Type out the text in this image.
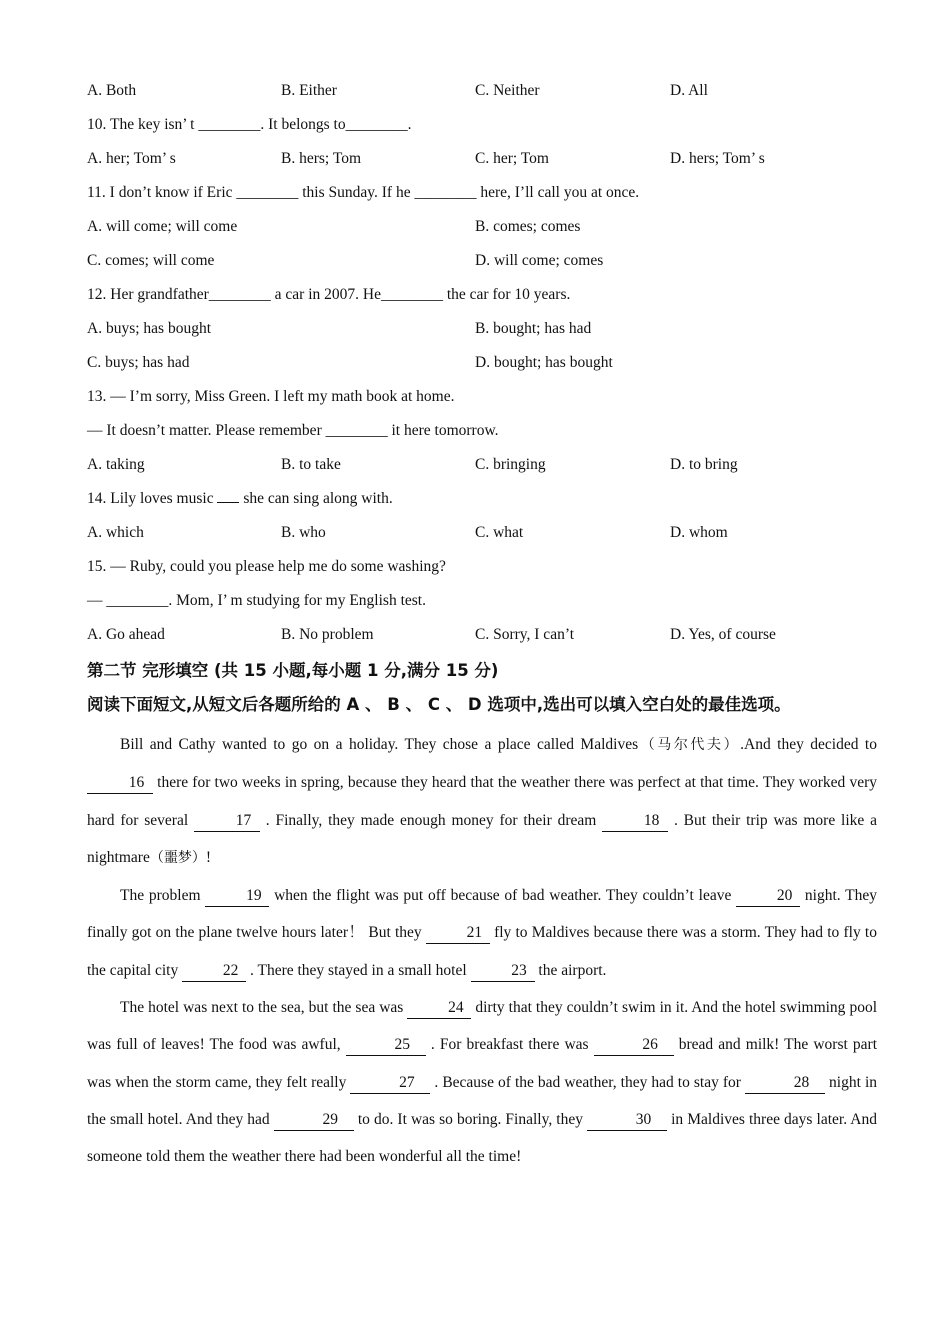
A. Both	B. Either	C. Neither	D. All
10. The key isn’ t ________. It belongs to________.
A. her; Tom’ s	B. hers; Tom	C. her; Tom	D. hers; Tom’ s
11. I don’t know if Eric ________ this Sunday. If he ________ here, I’ll call you at once.
A. will come; will come	B. comes; comes
C. comes; will come	D. will come; comes
12. Her grandfather________ a car in 2007. He________ the car for 10 years.
A. buys; has bought	B. bought; has had
C. buys; has had	D. bought; has bought
13. — I’m sorry, Miss Green. I left my math book at home.
— It doesn’t matter. Please remember ________ it here tomorrow.
A. taking	B. to take	C. bringing	D. to bring
14. Lily loves music  she can sing along with.
A. which	B. who	C. what	D. whom
15. — Ruby, could you please help me do some washing?
— ________. Mom, I’ m studying for my English test.
A. Go ahead	B. No problem	C. Sorry, I can’t	D. Yes, of course
第二节 完形填空 (共 15 小题,每小题 1 分,满分 15 分)
阅读下面短文,从短文后各题所给的 A 、 B 、 C 、 D 选项中,选出可以填入空白处的最佳选项。
Bill and Cathy wanted to go on a holiday. They chose a place called Maldives（马尔代夫）.And they decided to 16 there for two weeks in spring, because they heard that the weather there was perfect at that time. They worked very hard for several	17 . Finally, they made enough money for their dream	18 . But their trip was more like a nightmare（噩梦）!
The problem	19 when the flight was put off because of bad weather. They couldn’t leave	20 night. They finally got on the plane twelve hours later！ But they	21 fly to Maldives because there was a storm. They had to fly to the capital city	22 . There they stayed in a small hotel	23 the airport.
The hotel was next to the sea, but the sea was	24 dirty that they couldn’t swim in it. And the hotel swimming pool was full of leaves! The food was awful,	25 . For breakfast there was	26 bread and milk! The worst part was when the storm came, they felt really	27 . Because of the bad weather, they had to stay for	28 night in the small hotel. And they had	29 to do. It was so boring. Finally, they	30 in Maldives three days later. And someone told them the weather there had been wonderful all the time!
